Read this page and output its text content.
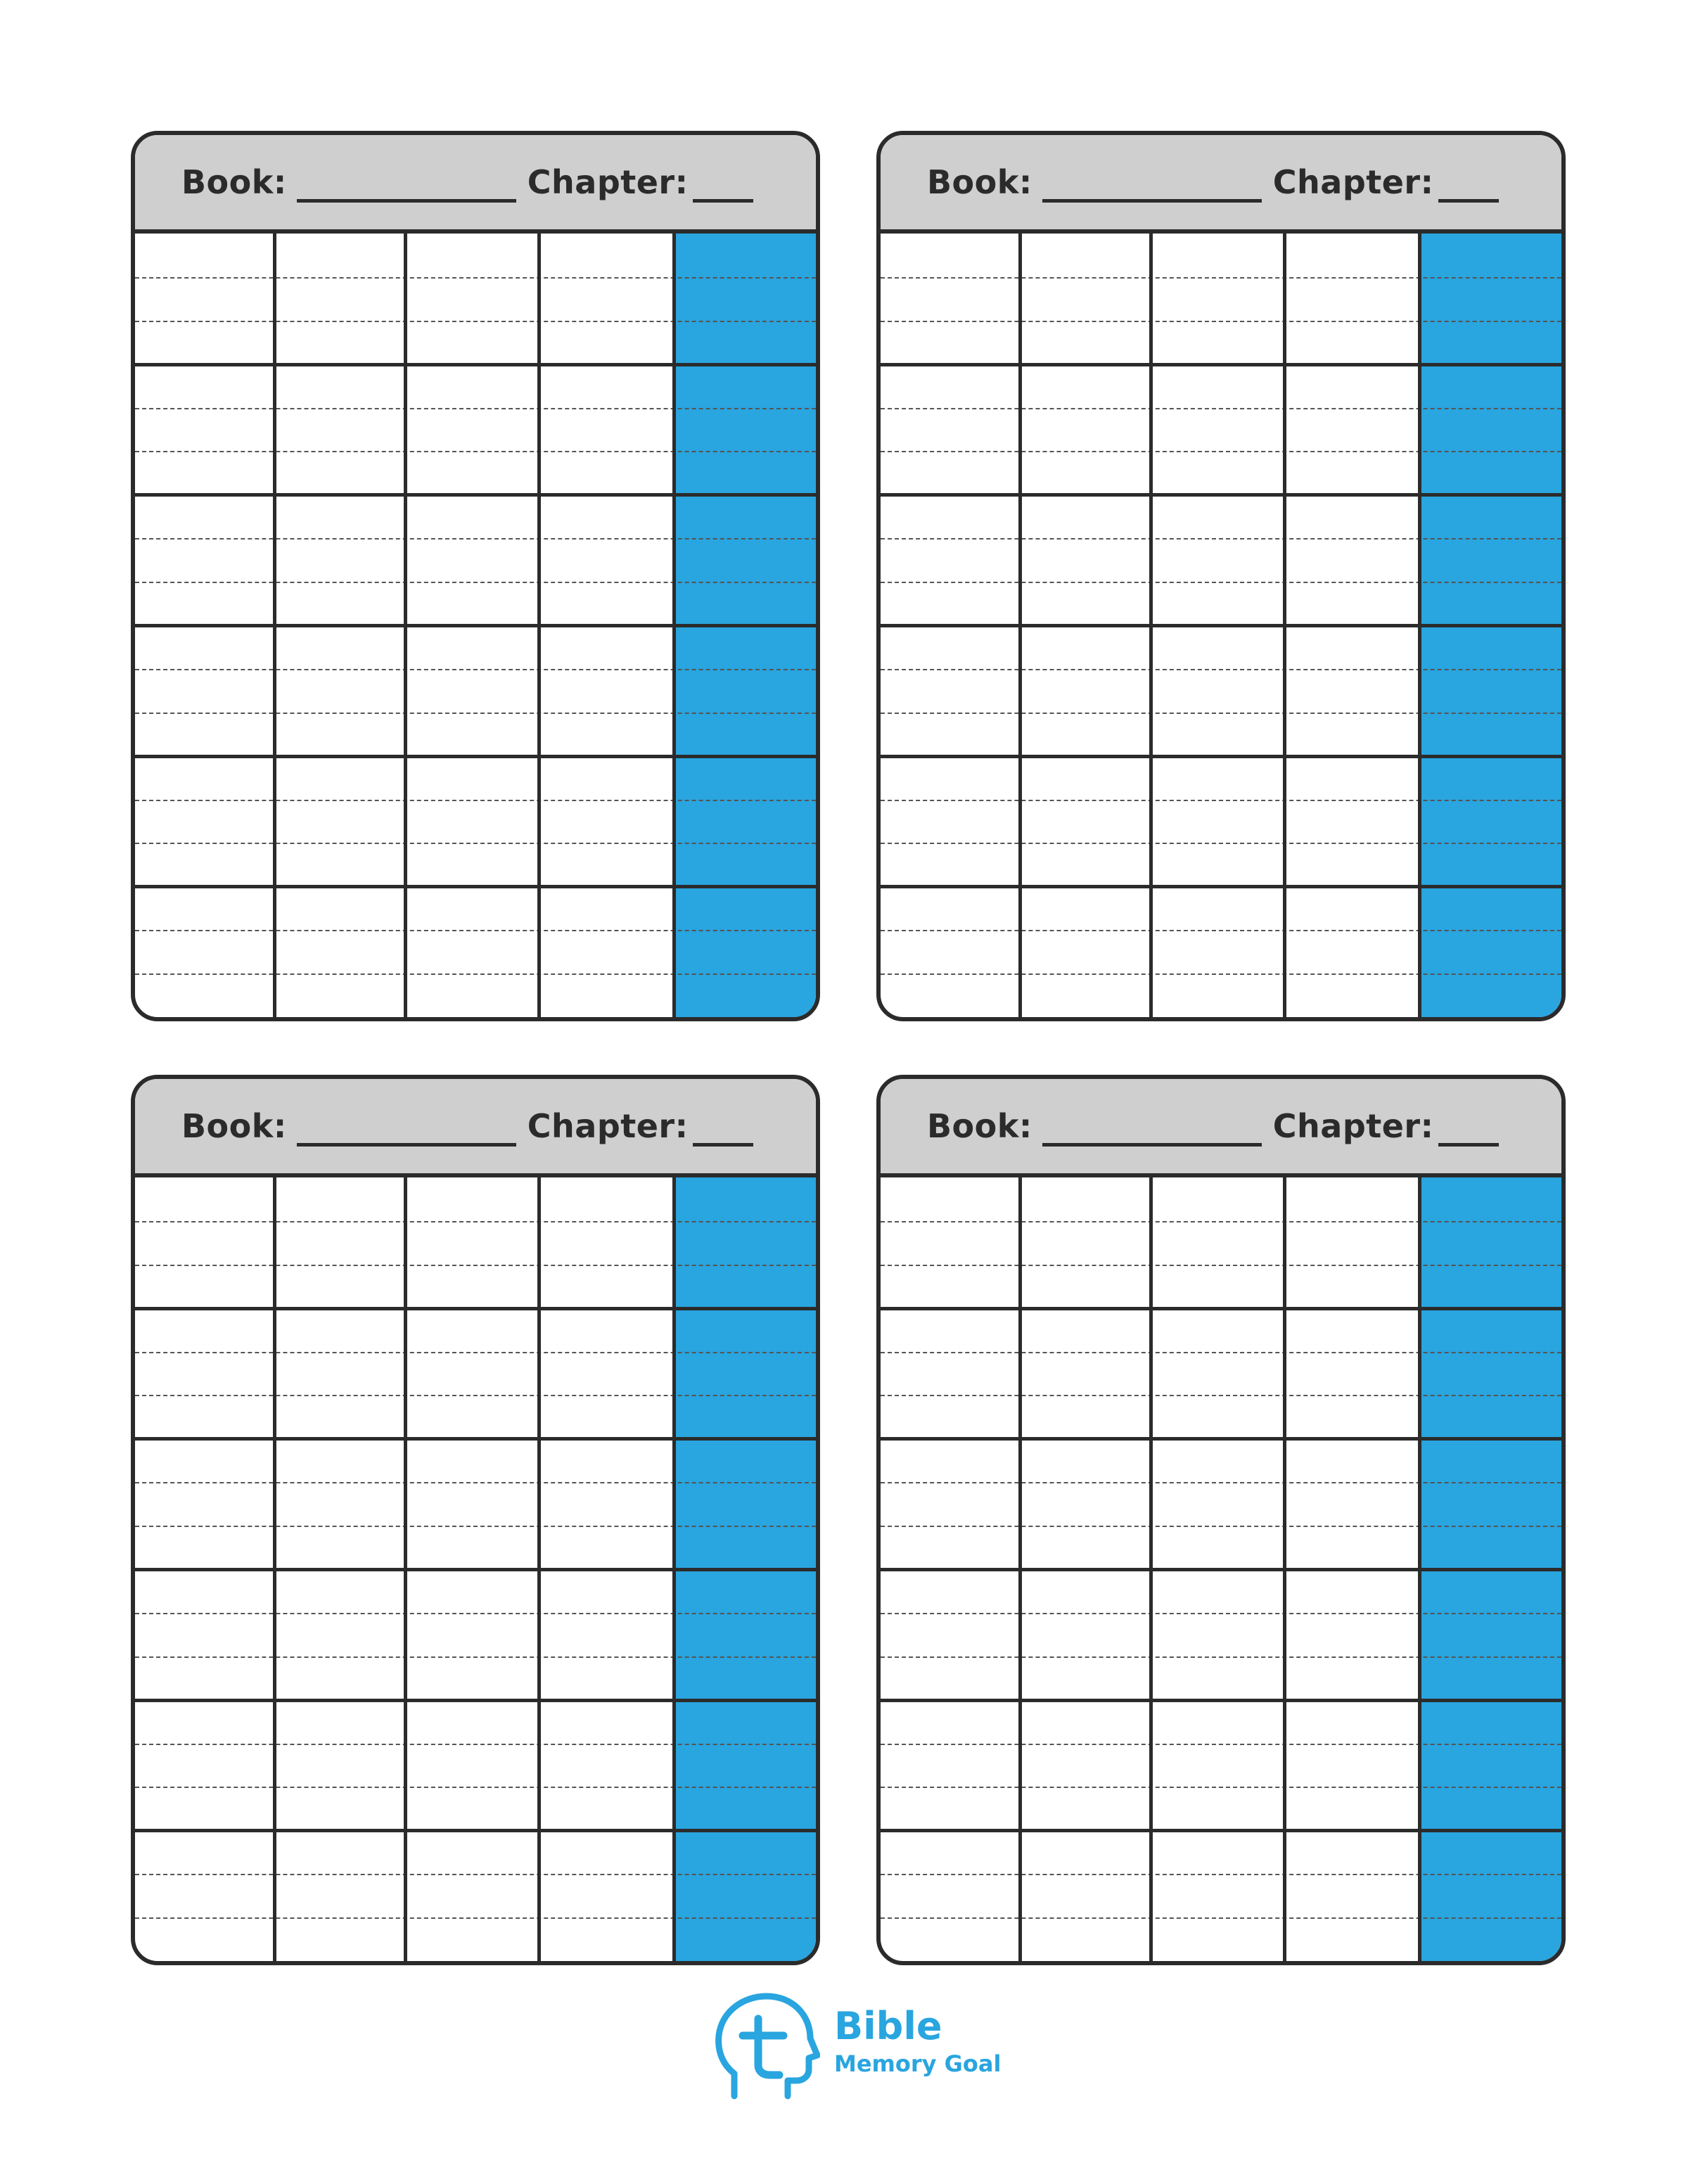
Book:	Chapter:	Book:	Chapter:
Book:	Chapter:	Book:	Chapter:
Bible
Memory Goal
